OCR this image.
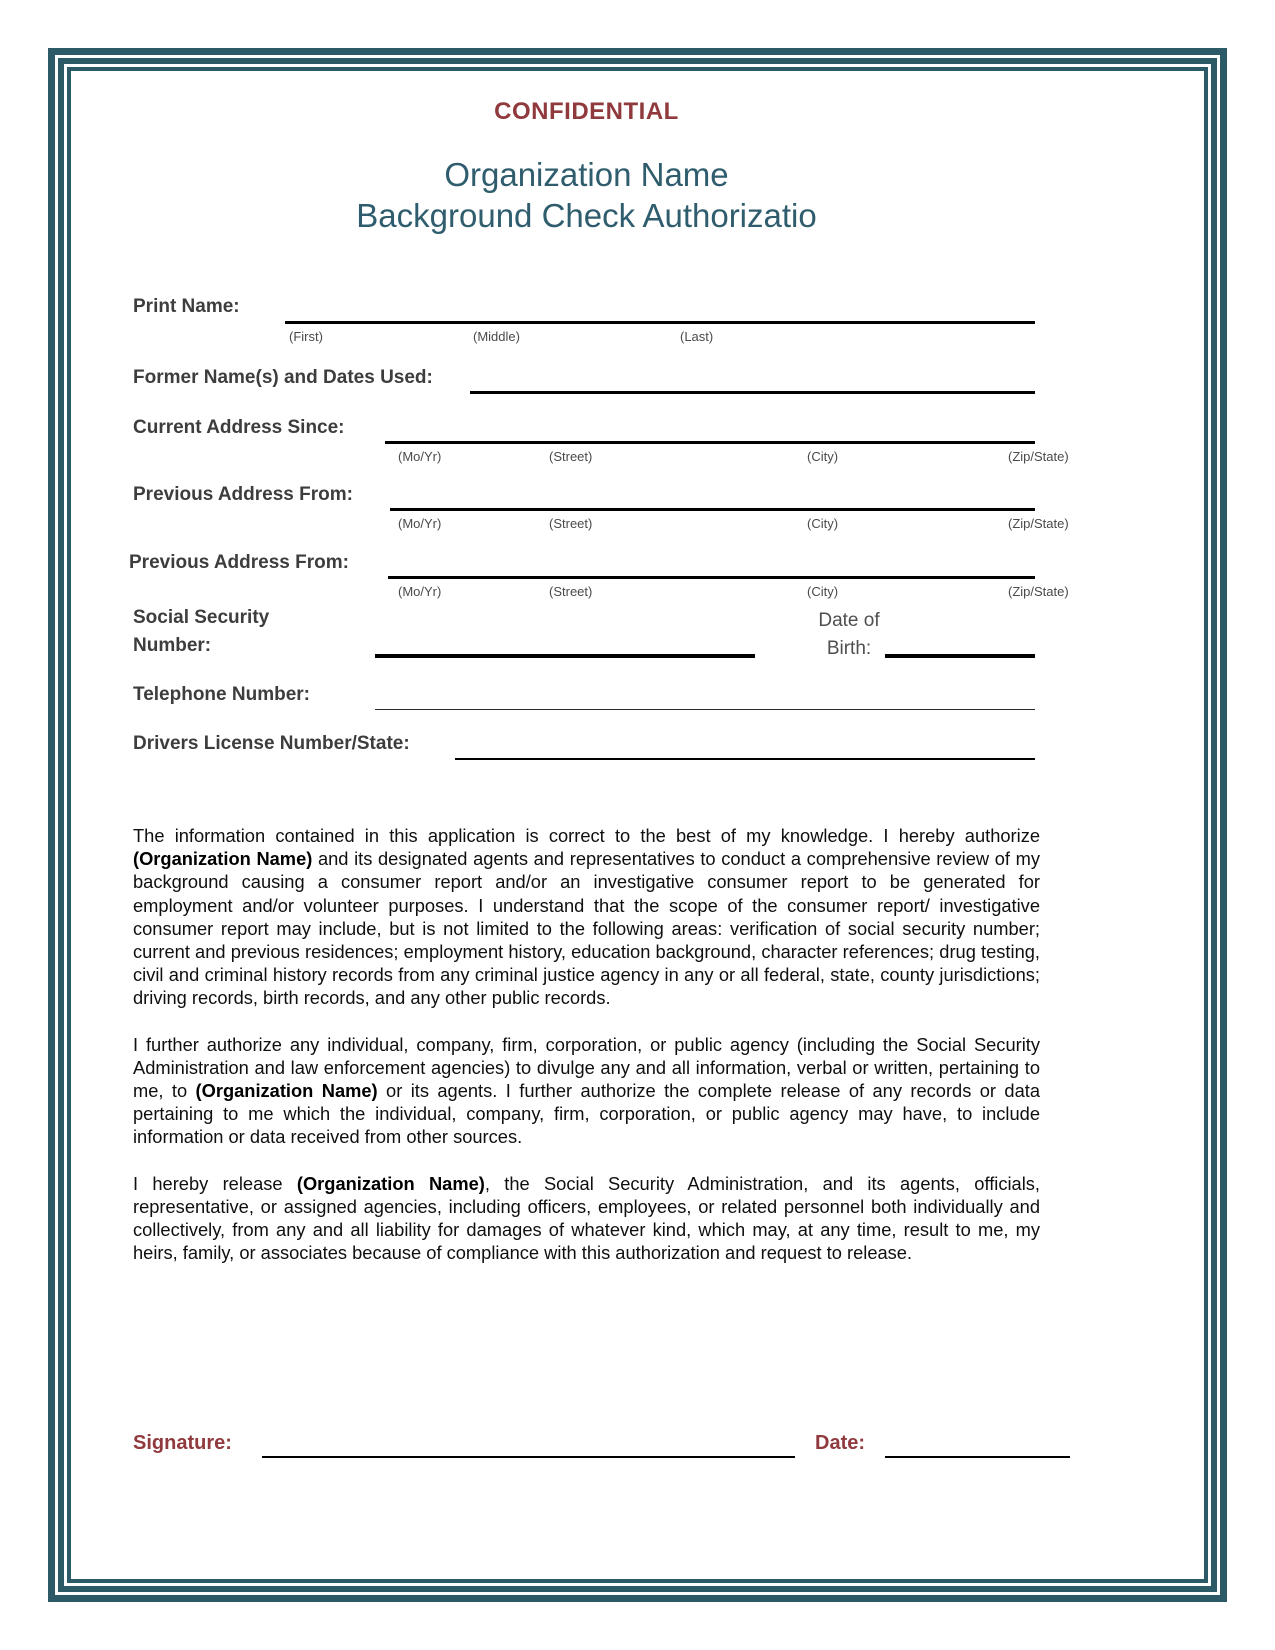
CONFIDENTIAL
Organization Name
Background Check Authorizatio
Print Name:
(First)	(Middle)	(Last)
Former Name(s) and Dates Used:
Current Address Since:
(Mo/Yr)	(Street)	(City)	(Zip/State)
Previous Address From:
(Mo/Yr)	(Street)	(City)	(Zip/State)
Previous Address From:
(Mo/Yr)	(Street)	(City)	(Zip/State)
Social Security
Number:
Date of
Birth:
Telephone Number:
Drivers License Number/State:

The information contained in this application is correct to the best of my knowledge. I hereby authorize (Organization Name) and its designated agents and representatives to conduct a comprehensive review of my background causing a consumer report and/or an investigative consumer report to be generated for employment and/or volunteer purposes. I understand that the scope of the consumer report/ investigative consumer report may include, but is not limited to the following areas: verification of social security number; current and previous residences; employment history, education background, character references; drug testing, civil and criminal history records from any criminal justice agency in any or all federal, state, county jurisdictions; driving records, birth records, and any other public records.

I further authorize any individual, company, firm, corporation, or public agency (including the Social Security Administration and law enforcement agencies) to divulge any and all information, verbal or written, pertaining to me, to (Organization Name) or its agents. I further authorize the complete release of any records or data pertaining to me which the individual, company, firm, corporation, or public agency may have, to include information or data received from other sources.

I hereby release (Organization Name), the Social Security Administration, and its agents, officials, representative, or assigned agencies, including officers, employees, or related personnel both individually and collectively, from any and all liability for damages of whatever kind, which may, at any time, result to me, my heirs, family, or associates because of compliance with this authorization and request to release.

Signature:	Date:
